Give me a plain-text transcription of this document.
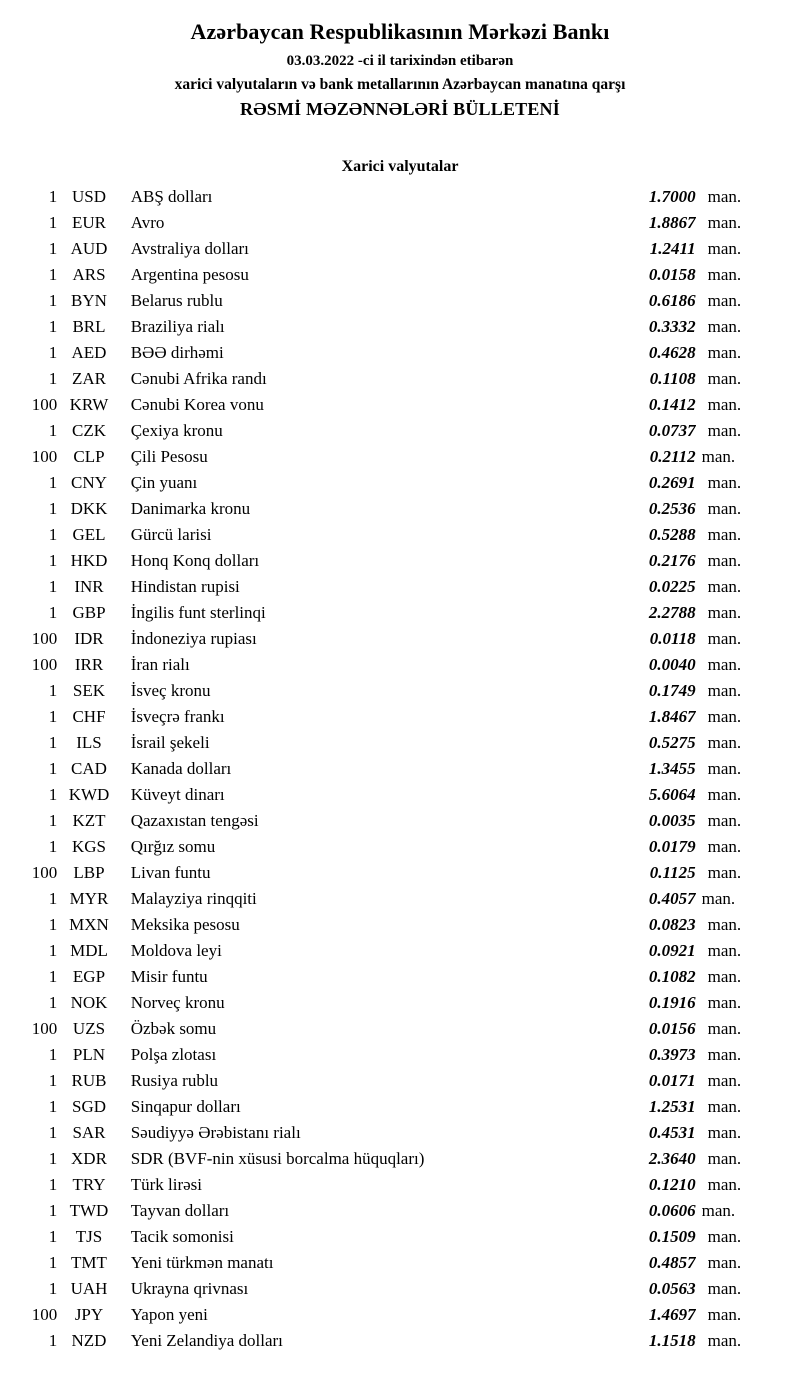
Azərbaycan Respublikasının Mərkəzi Bankı
03.03.2022 -ci il tarixindən etibarən
xarici valyutaların və bank metallarının Azərbaycan manatına qarşı
RƏSMİ MƏZƏNNƏLƏRİ BÜLLETENİ
Xarici valyutalar
1	USD	ABŞ dolları	1.7000	man.
1	EUR	Avro	1.8867	man.
1	AUD	Avstraliya dolları	1.2411	man.
1	ARS	Argentina pesosu	0.0158	man.
1	BYN	Belarus rublu	0.6186	man.
1	BRL	Braziliya rialı	0.3332	man.
1	AED	BƏƏ dirhəmi	0.4628	man.
1	ZAR	Cənubi Afrika randı	0.1108	man.
100	KRW	Cənubi Korea vonu	0.1412	man.
1	CZK	Çexiya kronu	0.0737	man.
100	CLP	Çili Pesosu	0.2112	man.
1	CNY	Çin yuanı	0.2691	man.
1	DKK	Danimarka kronu	0.2536	man.
1	GEL	Gürcü larisi	0.5288	man.
1	HKD	Honq Konq dolları	0.2176	man.
1	INR	Hindistan rupisi	0.0225	man.
1	GBP	İngilis funt sterlinqi	2.2788	man.
100	IDR	İndoneziya rupiası	0.0118	man.
100	IRR	İran rialı	0.0040	man.
1	SEK	İsveç kronu	0.1749	man.
1	CHF	İsveçrə frankı	1.8467	man.
1	ILS	İsrail şekeli	0.5275	man.
1	CAD	Kanada dolları	1.3455	man.
1	KWD	Küveyt dinarı	5.6064	man.
1	KZT	Qazaxıstan tengəsi	0.0035	man.
1	KGS	Qırğız somu	0.0179	man.
100	LBP	Livan funtu	0.1125	man.
1	MYR	Malayziya rinqqiti	0.4057	man.
1	MXN	Meksika pesosu	0.0823	man.
1	MDL	Moldova leyi	0.0921	man.
1	EGP	Misir funtu	0.1082	man.
1	NOK	Norveç kronu	0.1916	man.
100	UZS	Özbək somu	0.0156	man.
1	PLN	Polşa zlotası	0.3973	man.
1	RUB	Rusiya rublu	0.0171	man.
1	SGD	Sinqapur dolları	1.2531	man.
1	SAR	Səudiyyə Ərəbistanı rialı	0.4531	man.
1	XDR	SDR (BVF-nin xüsusi borcalma hüquqları)	2.3640	man.
1	TRY	Türk lirəsi	0.1210	man.
1	TWD	Tayvan dolları	0.0606	man.
1	TJS	Tacik somonisi	0.1509	man.
1	TMT	Yeni türkmən manatı	0.4857	man.
1	UAH	Ukrayna qrivnası	0.0563	man.
100	JPY	Yapon yeni	1.4697	man.
1	NZD	Yeni Zelandiya dolları	1.1518	man.
